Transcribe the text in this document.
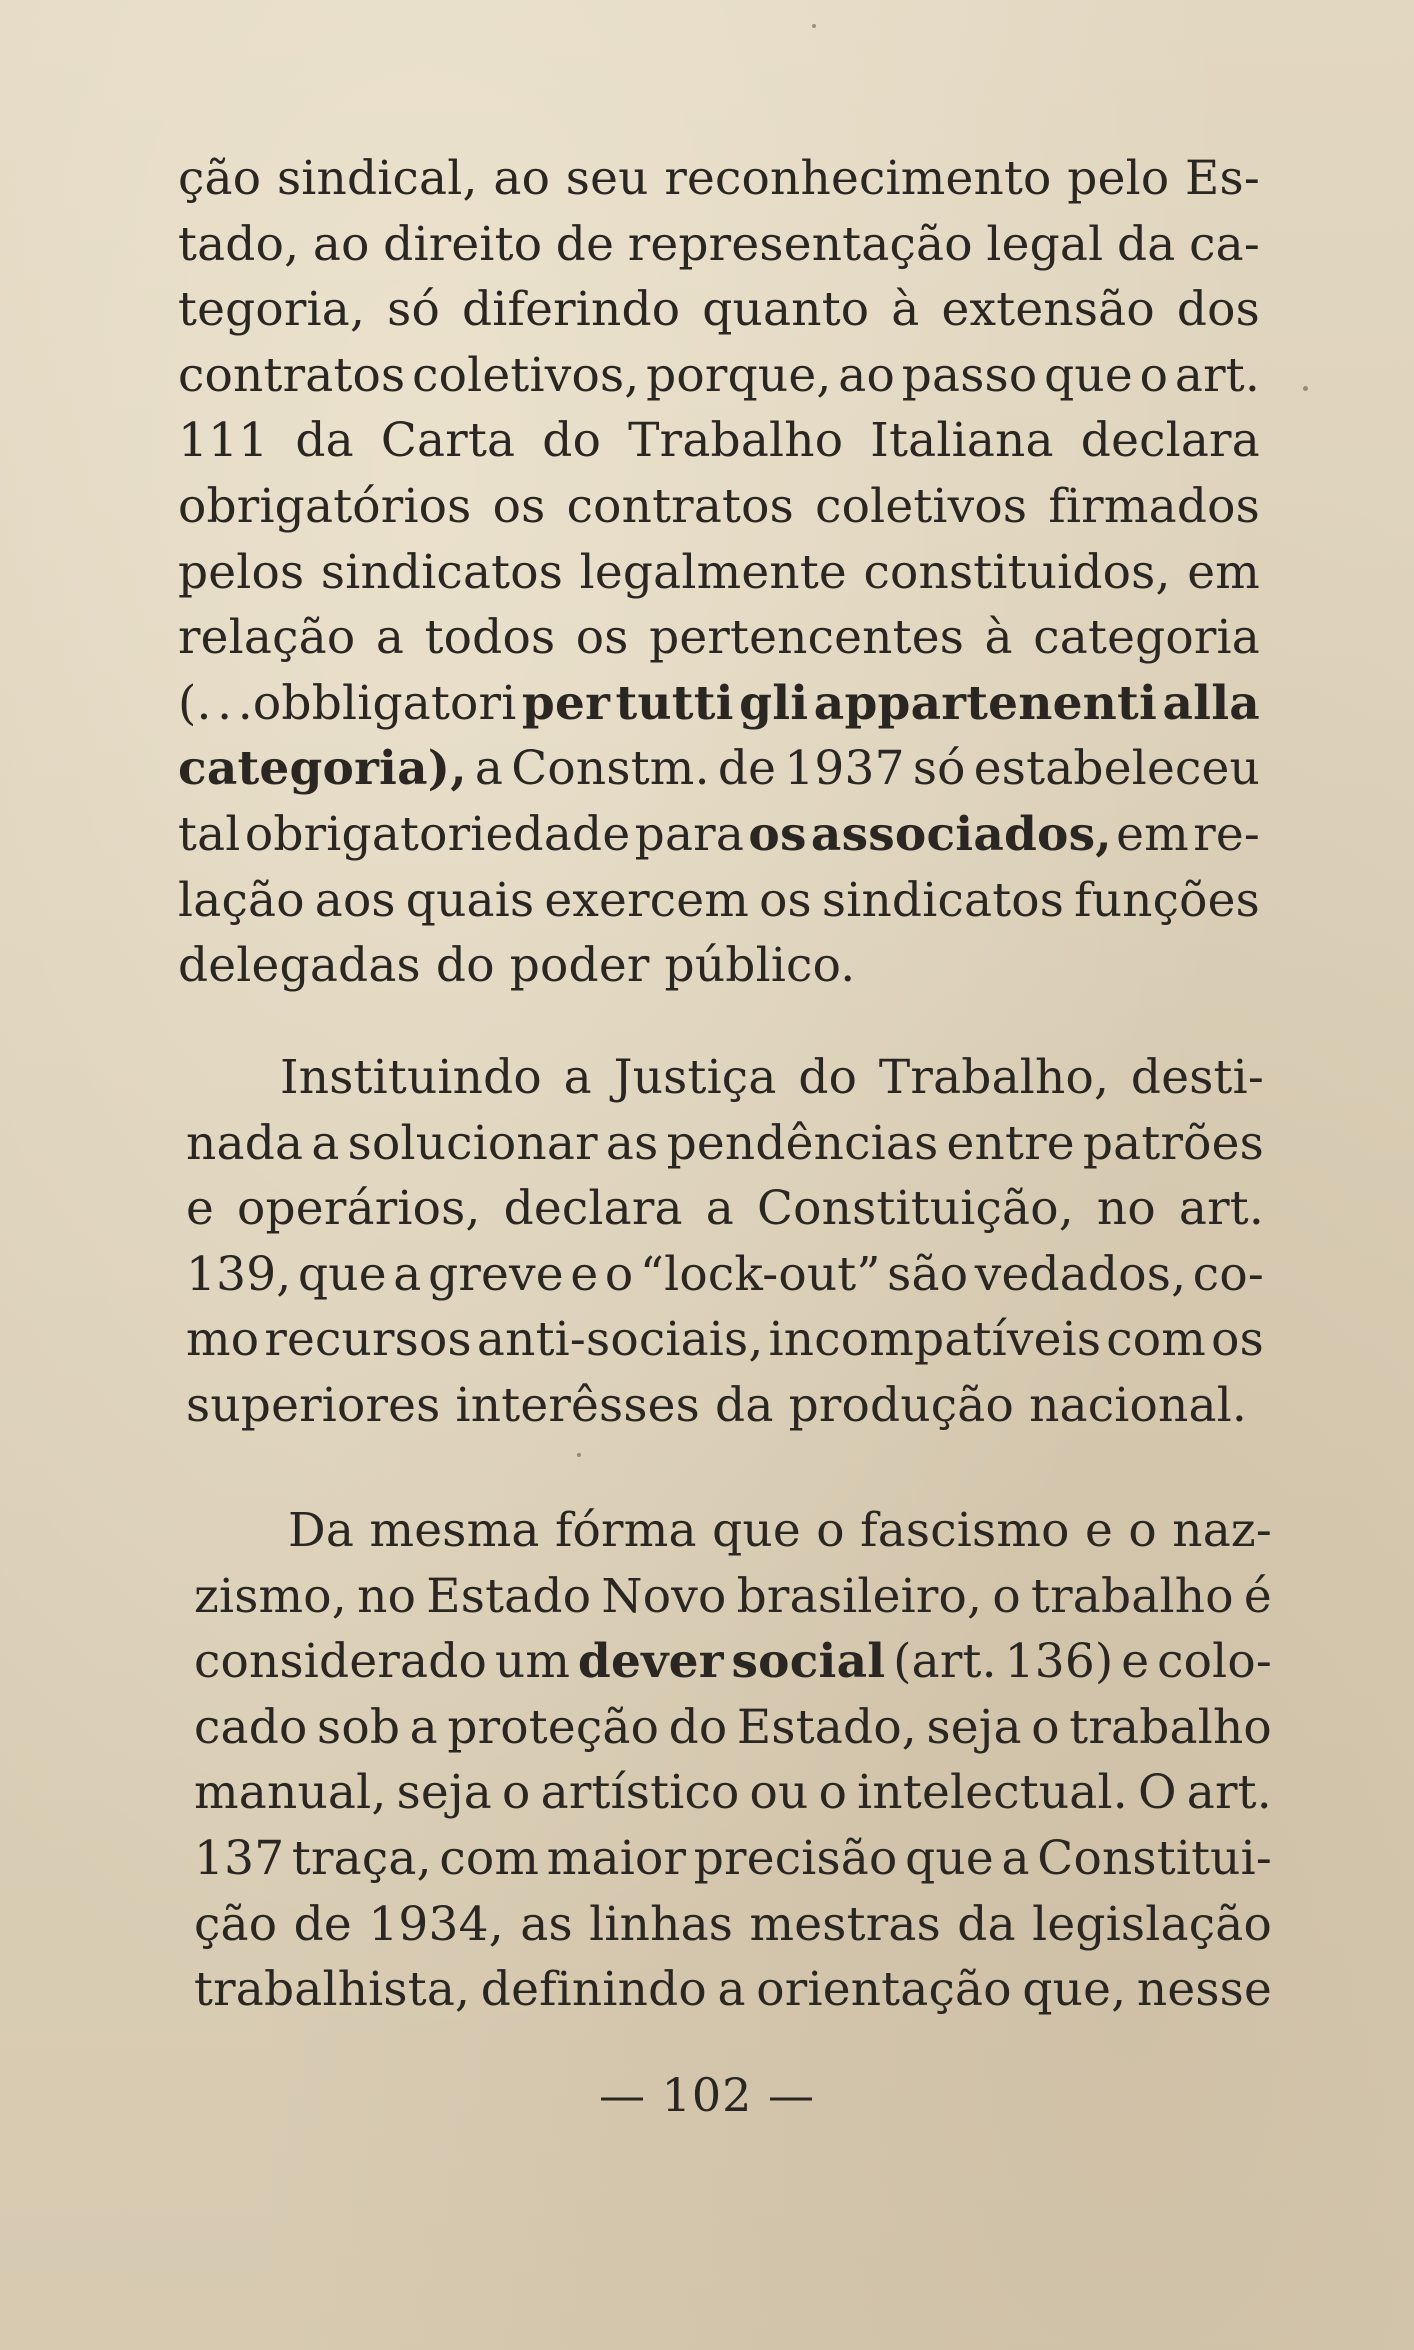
ção sindical, ao seu reconhecimento pelo Es-
tado, ao direito de representação legal da ca-
tegoria, só diferindo quanto à extensão dos
contratos coletivos, porque, ao passo que o art.
111 da Carta do Trabalho Italiana declara
obrigatórios os contratos coletivos firmados
pelos sindicatos legalmente constituidos, em
relação a todos os pertencentes à categoria
(. . .obbligatori per tutti gli appartenenti alla
categoria), a Constm. de 1937 só estabeleceu
tal obrigatoriedade para os associados, em re-
lação aos quais exercem os sindicatos funções
delegadas do poder público.
Instituindo a Justiça do Trabalho, desti-
nada a solucionar as pendências entre patrões
e operários, declara a Constituição, no art.
139, que a greve e o “lock-out” são vedados, co-
mo recursos anti-sociais, incompatíveis com os
superiores interêsses da produção nacional.
Da mesma fórma que o fascismo e o naz-
zismo, no Estado Novo brasileiro, o trabalho é
considerado um dever social (art. 136) e colo-
cado sob a proteção do Estado, seja o trabalho
manual, seja o artístico ou o intelectual. O art.
137 traça, com maior precisão que a Constitui-
ção de 1934, as linhas mestras da legislação
trabalhista, definindo a orientação que, nesse
— 102 —
